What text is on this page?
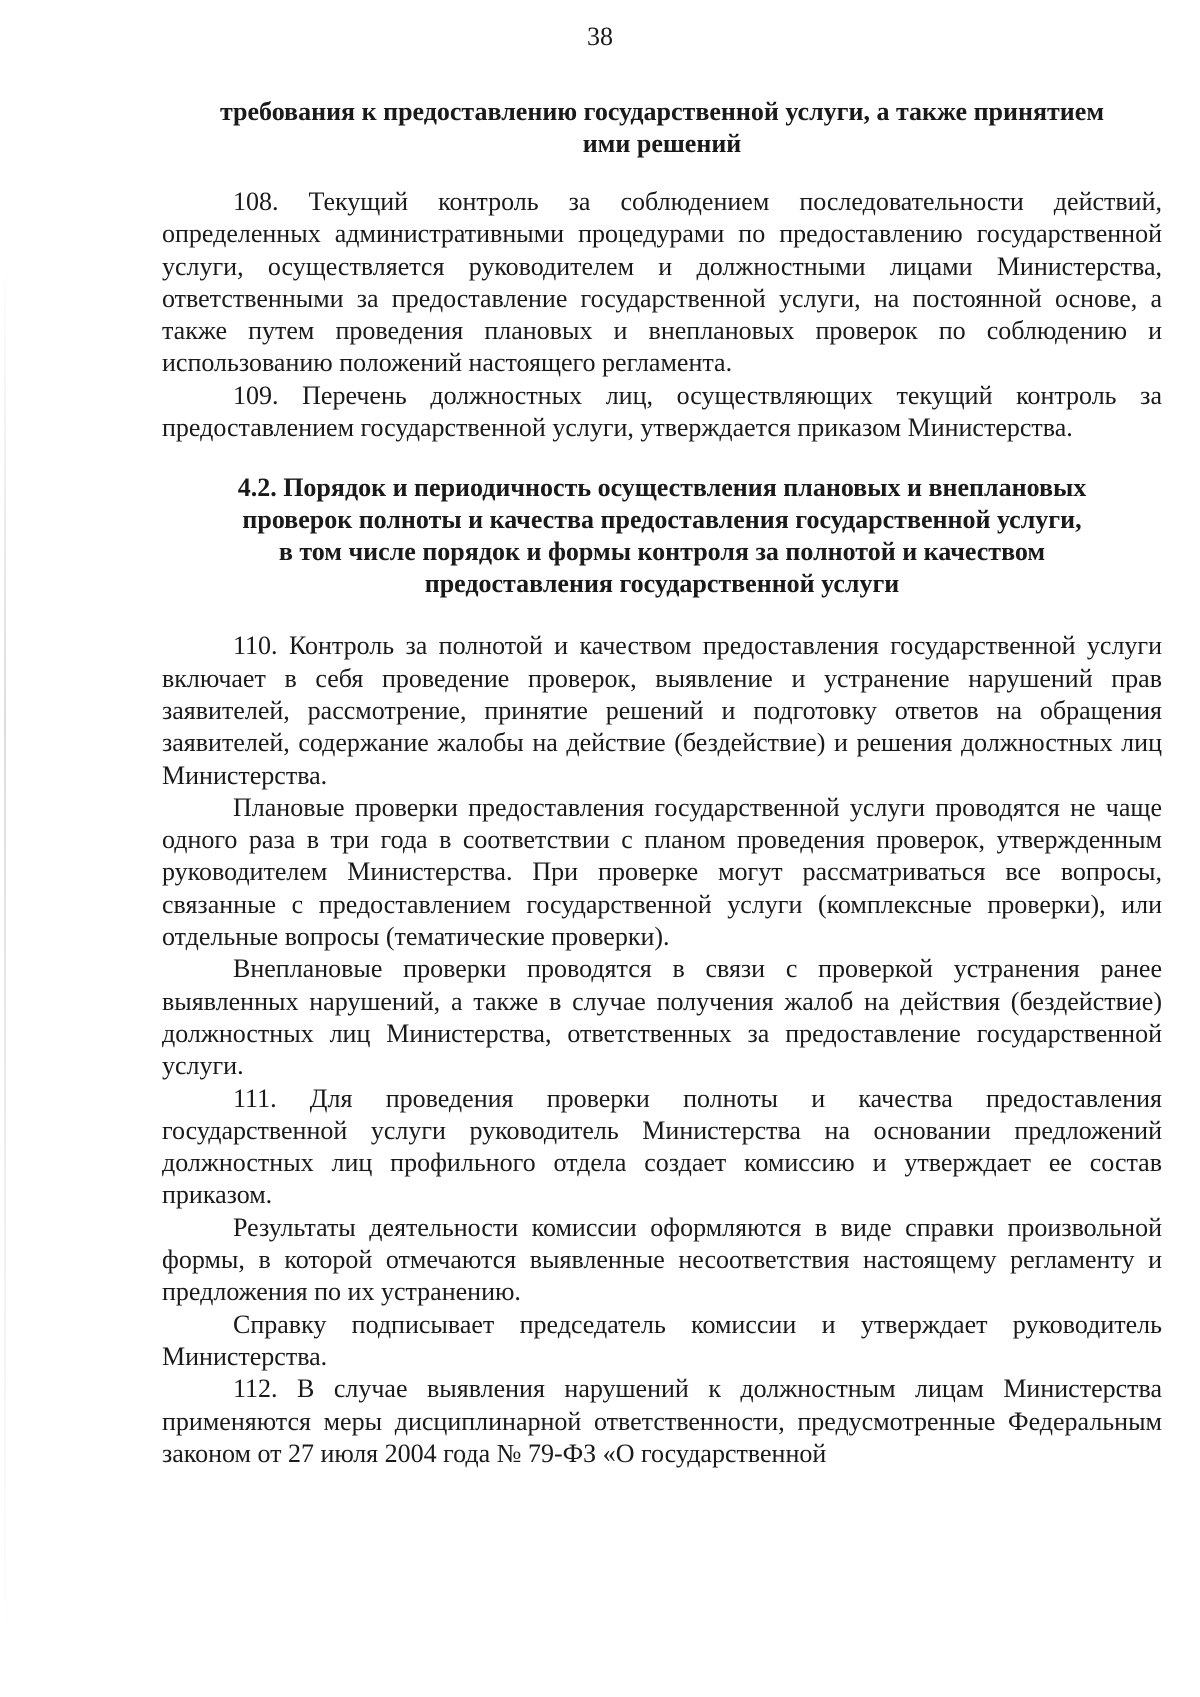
38
требования к предоставлению государственной услуги, а также принятием
ими решений

108. Текущий контроль за соблюдением последовательности действий, определенных административными процедурами по предоставлению государственной услуги, осуществляется руководителем и должностными лицами Министерства, ответственными за предоставление государственной услуги, на постоянной основе, а также путем проведения плановых и внеплановых проверок по соблюдению и использованию положений настоящего регламента.

109. Перечень должностных лиц, осуществляющих текущий контроль за предоставлением государственной услуги, утверждается приказом Министерства.

4.2. Порядок и периодичность осуществления плановых и внеплановых
проверок полноты и качества предоставления государственной услуги,
в том числе порядок и формы контроля за полнотой и качеством
предоставления государственной услуги

110. Контроль за полнотой и качеством предоставления государственной услуги включает в себя проведение проверок, выявление и устранение нарушений прав заявителей, рассмотрение, принятие решений и подготовку ответов на обращения заявителей, содержание жалобы на действие (бездействие) и решения должностных лиц Министерства.

Плановые проверки предоставления государственной услуги проводятся не чаще одного раза в три года в соответствии с планом проведения проверок, утвержденным руководителем Министерства. При проверке могут рассматриваться все вопросы, связанные с предоставлением государственной услуги (комплексные проверки), или отдельные вопросы (тематические проверки).

Внеплановые проверки проводятся в связи с проверкой устранения ранее выявленных нарушений, а также в случае получения жалоб на действия (бездействие) должностных лиц Министерства, ответственных за предоставление государственной услуги.

111. Для проведения проверки полноты и качества предоставления государственной услуги руководитель Министерства на основании предложений должностных лиц профильного отдела создает комиссию и утверждает ее состав приказом.

Результаты деятельности комиссии оформляются в виде справки произвольной формы, в которой отмечаются выявленные несоответствия настоящему регламенту и предложения по их устранению.

Справку подписывает председатель комиссии и утверждает руководитель Министерства.

112. В случае выявления нарушений к должностным лицам Министерства применяются меры дисциплинарной ответственности, предусмотренные Федеральным законом от 27 июля 2004 года № 79-ФЗ «О государственной
